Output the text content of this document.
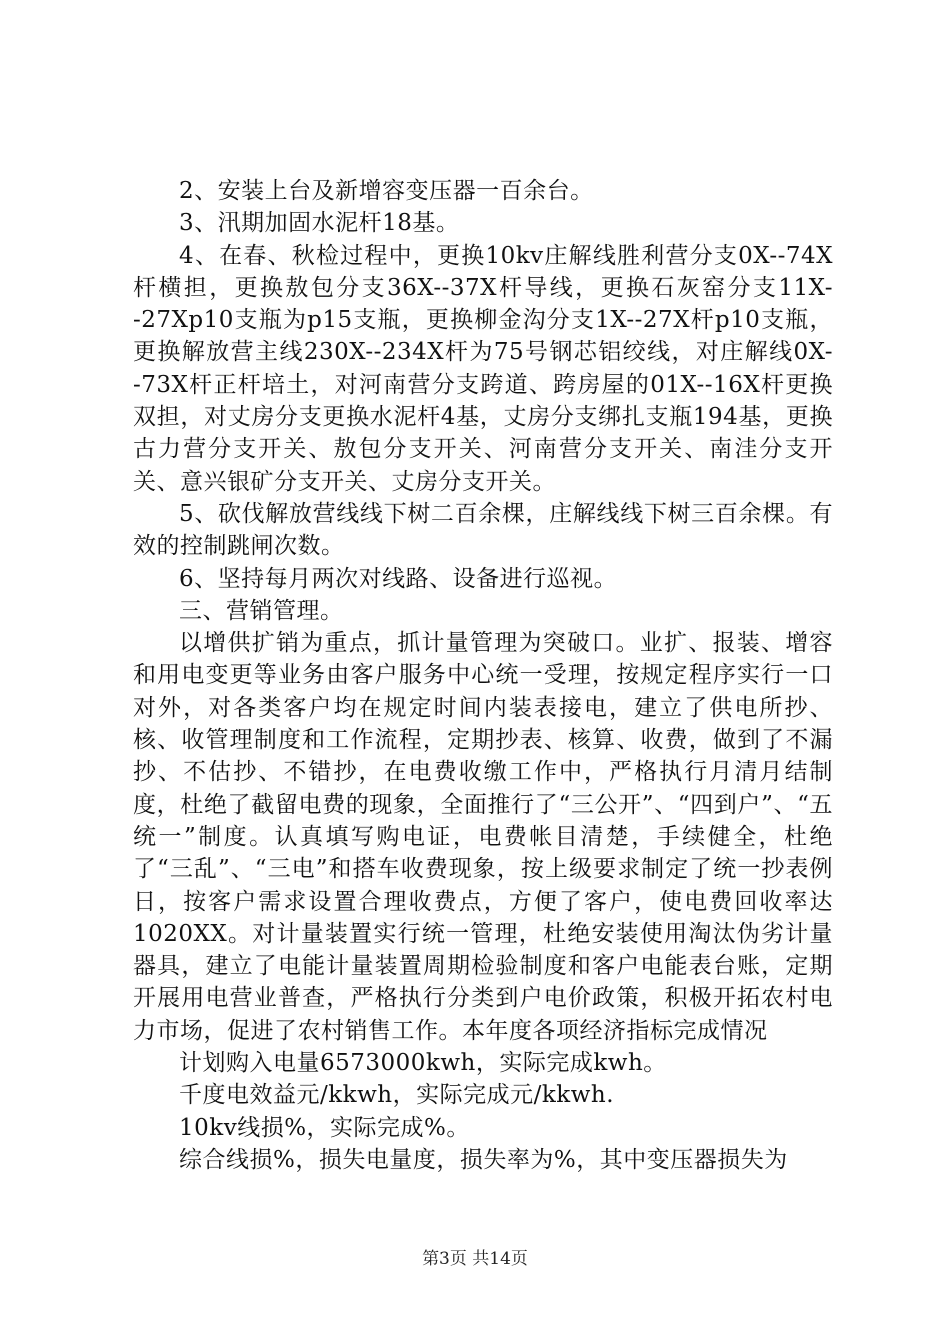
2、安装上台及新增容变压器一百余台。

3、汛期加固水泥杆18基。

4、在春、秋检过程中，更换10kv庄解线胜利营分支0X--74X杆横担，更换敖包分支36X--37X杆导线，更换石灰窑分支11X--27Xp10支瓶为p15支瓶，更换柳金沟分支1X--27X杆p10支瓶，更换解放营主线230X--234X杆为75号钢芯铝绞线，对庄解线0X--73X杆正杆培土，对河南营分支跨道、跨房屋的01X--16X杆更换双担，对丈房分支更换水泥杆4基，丈房分支绑扎支瓶194基，更换古力营分支开关、敖包分支开关、河南营分支开关、南洼分支开关、意兴银矿分支开关、丈房分支开关。

5、砍伐解放营线线下树二百余棵，庄解线线下树三百余棵。有效的控制跳闸次数。

6、坚持每月两次对线路、设备进行巡视。

三、营销管理。

以增供扩销为重点，抓计量管理为突破口。业扩、报装、增容和用电变更等业务由客户服务中心统一受理，按规定程序实行一口对外，对各类客户均在规定时间内装表接电，建立了供电所抄、核、收管理制度和工作流程，定期抄表、核算、收费，做到了不漏抄、不估抄、不错抄，在电费收缴工作中，严格执行月清月结制度，杜绝了截留电费的现象，全面推行了“三公开”、“四到户”、“五统一”制度。认真填写购电证，电费帐目清楚，手续健全，杜绝了“三乱”、“三电”和搭车收费现象，按上级要求制定了统一抄表例日，按客户需求设置合理收费点，方便了客户，使电费回收率达1020XX。对计量装置实行统一管理，杜绝安装使用淘汰伪劣计量器具，建立了电能计量装置周期检验制度和客户电能表台账，定期开展用电营业普查，严格执行分类到户电价政策，积极开拓农村电力市场，促进了农村销售工作。本年度各项经济指标完成情况

计划购入电量6573000kwh，实际完成kwh。

千度电效益元/kkwh，实际完成元/kkwh.

10kv线损%，实际完成%。

综合线损%，损失电量度，损失率为%，其中变压器损失为

第3页 共14页
